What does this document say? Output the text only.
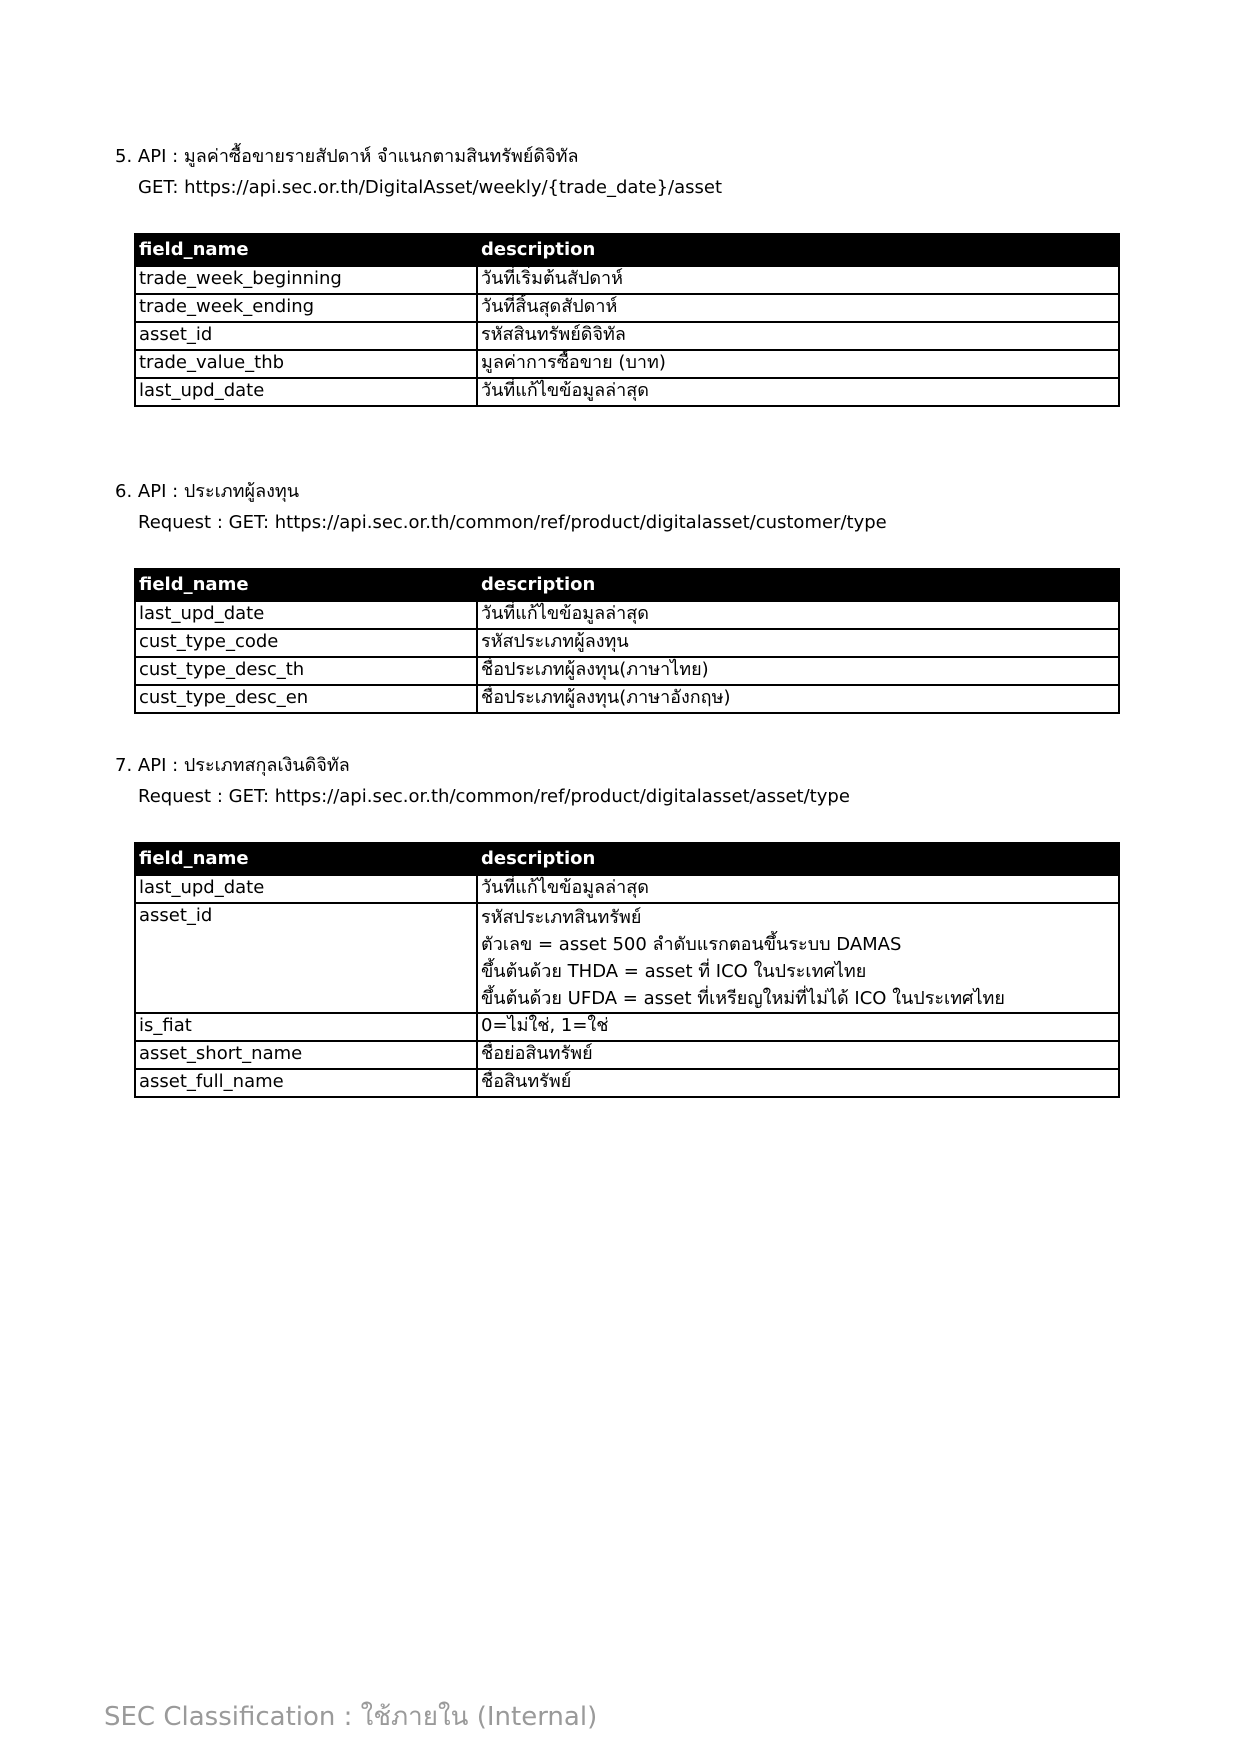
5. API : มูลค่าซื้อขายรายสัปดาห์ จำแนกตามสินทรัพย์ดิจิทัล
GET: https://api.sec.or.th/DigitalAsset/weekly/{trade_date}/asset
field_name	description
trade_week_beginning	วันที่เริ่มต้นสัปดาห์
trade_week_ending	วันที่สิ้นสุดสัปดาห์
asset_id	รหัสสินทรัพย์ดิจิทัล
trade_value_thb	มูลค่าการซื้อขาย (บาท)
last_upd_date	วันที่แก้ไขข้อมูลล่าสุด
6. API : ประเภทผู้ลงทุน
Request : GET: https://api.sec.or.th/common/ref/product/digitalasset/customer/type
field_name	description
last_upd_date	วันที่แก้ไขข้อมูลล่าสุด
cust_type_code	รหัสประเภทผู้ลงทุน
cust_type_desc_th	ชื่อประเภทผู้ลงทุน(ภาษาไทย)
cust_type_desc_en	ชื่อประเภทผู้ลงทุน(ภาษาอังกฤษ)
7. API : ประเภทสกุลเงินดิจิทัล
Request : GET: https://api.sec.or.th/common/ref/product/digitalasset/asset/type
field_name	description
last_upd_date	วันที่แก้ไขข้อมูลล่าสุด
asset_id	รหัสประเภทสินทรัพย์
ตัวเลข = asset 500 ลำดับแรกตอนขึ้นระบบ DAMAS
ขึ้นต้นด้วย THDA = asset ที่ ICO ในประเทศไทย
ขึ้นต้นด้วย UFDA = asset ที่เหรียญใหม่ที่ไม่ได้ ICO ในประเทศไทย

is_fiat	0=ไม่ใช่, 1=ใช่
asset_short_name	ชื่อย่อสินทรัพย์
asset_full_name	ชื่อสินทรัพย์
SEC Classification : ใช้ภายใน (Internal)
